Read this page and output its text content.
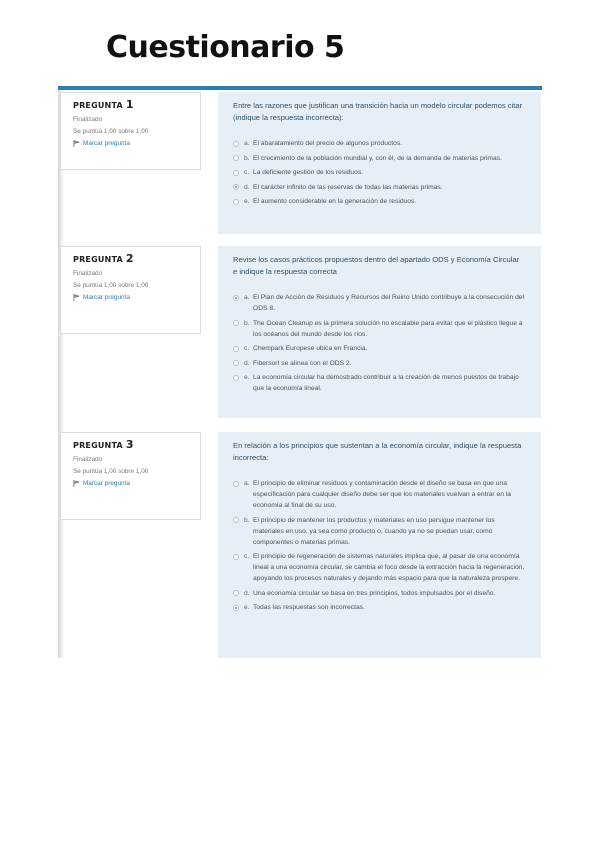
Cuestionario 5
PREGUNTA 1
Finalizado
Se puntúa 1,00 sobre 1,00
Marcar pregunta
Entre las razones que justifican una transición hacia un modelo circular podemos citar (indique la respuesta incorrecta):
a. El abaratamiento del precio de algunos productos.
b. El crecimiento de la población mundial y, con él, de la demanda de materias primas.
c. La deficiente gestión de los residuos.
d. El carácter infinito de las reservas de todas las materias primas.
e. El aumento considerable en la generación de residuos.
PREGUNTA 2
Finalizado
Se puntúa 1,00 sobre 1,00
Marcar pregunta
Revise los casos prácticos propuestos dentro del apartado ODS y Economía Circular e indique la respuesta correcta
a. El Plan de Acción de Residuos y Recursos del Reino Unido contribuye a la consecución del ODS 8.
b. The Ocean Cleanup es la primera solución no escalable para evitar que el plástico llegue a los océanos del mundo desde los ríos.
c. Chempark Europese ubica en Francia.
d. Fibersort se alinea con el ODS 2.
e. La economía circular ha demostrado contribuir a la creación de menos puestos de trabajo que la economía lineal.
PREGUNTA 3
Finalizado
Se puntúa 1,00 sobre 1,00
Marcar pregunta
En relación a los principios que sustentan a la economía circular, indique la respuesta incorrecta:
a. El principio de eliminar residuos y contaminación desde el diseño se basa en que una especificación para cualquier diseño debe ser que los materiales vuelvan a entrar en la economía al final de su uso.
b. El principio de mantener los productos y materiales en uso persigue mantener los materiales en uso, ya sea como producto o, cuando ya no se puedan usar, como componentes o materias primas.
c. El principio de regeneración de sistemas naturales implica que, al pasar de una economía lineal a una economía circular, se cambia el foco desde la extracción hacia la regeneración, apoyando los procesos naturales y dejando más espacio para que la naturaleza prospere.
d. Una economía circular se basa en tres principios, todos impulsados por el diseño.
e. Todas las respuestas son incorrectas.
